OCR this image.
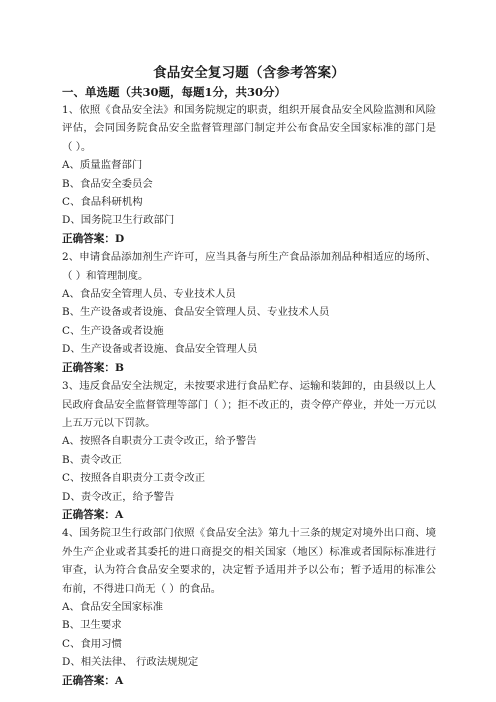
食品安全复习题（含参考答案）
一、单选题（共30题，每题1分，共30分）
1、依照《食品安全法》和国务院规定的职责，组织开展食品安全风险监测和风险评估，会同国务院食品安全监督管理部门制定并公布食品安全国家标准的部门是（ ）。
A、质量监督部门
B、食品安全委员会
C、食品科研机构
D、国务院卫生行政部门
正确答案：D
2、申请食品添加剂生产许可，应当具备与所生产食品添加剂品种相适应的场所、 （ ）和管理制度。
A、食品安全管理人员、专业技术人员
B、生产设备或者设施、食品安全管理人员、专业技术人员
C、生产设备或者设施
D、生产设备或者设施、食品安全管理人员
正确答案：B
3、违反食品安全法规定，未按要求进行食品贮存、运输和装卸的，由县级以上人民政府食品安全监督管理等部门（ ）；拒不改正的，责令停产停业，并处一万元以上五万元以下罚款。
A、按照各自职责分工责令改正，给予警告
B、责令改正
C、按照各自职责分工责令改正
D、责令改正，给予警告
正确答案：A
4、国务院卫生行政部门依照《食品安全法》第九十三条的规定对境外出口商、境外生产企业或者其委托的进口商提交的相关国家（地区）标准或者国际标准进行审查，认为符合食品安全要求的，决定暂予适用并予以公布；暂予适用的标准公布前，不得进口尚无（ ）的食品。
A、食品安全国家标准
B、卫生要求
C、食用习惯
D、相关法律、 行政法规规定
正确答案：A
